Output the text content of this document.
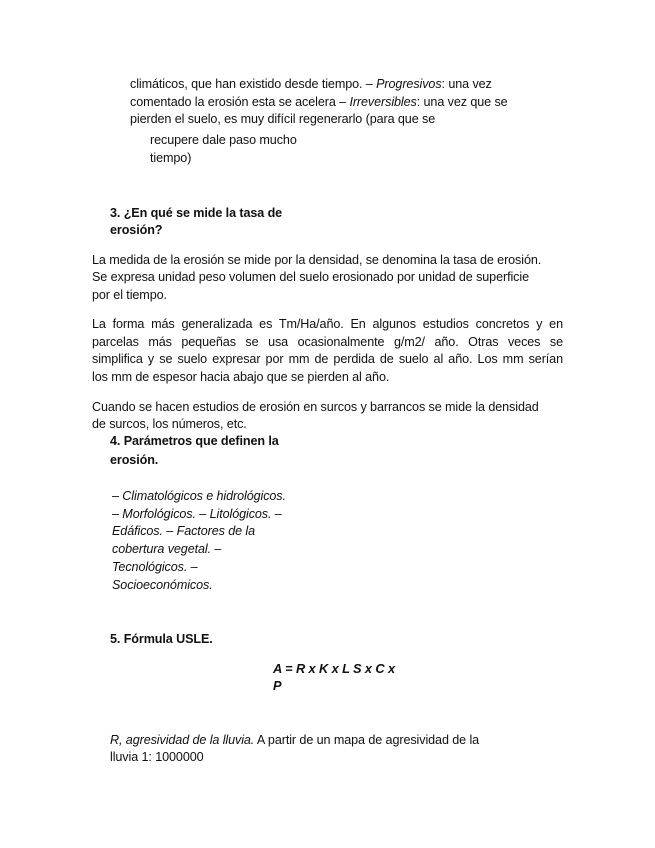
climáticos, que han existido desde tiempo. – Progresivos: una vez
comentado la erosión esta se acelera – Irreversibles: una vez que se
pierden el suelo, es muy difícil regenerarlo (para que se
recupere dale paso mucho
tiempo)
3. ¿En qué se mide la tasa de
erosión?
La medida de la erosión se mide por la densidad, se denomina la tasa de erosión.
Se expresa unidad peso volumen del suelo erosionado por unidad de superficie
por el tiempo.
La forma más generalizada es Tm/Ha/año. En algunos estudios concretos y en
parcelas más pequeñas se usa ocasionalmente g/m2/ año. Otras veces se
simplifica y se suelo expresar por mm de perdida de suelo al año. Los mm serían
los mm de espesor hacia abajo que se pierden al año.
Cuando se hacen estudios de erosión en surcos y barrancos se mide la densidad
de surcos, los números, etc.
4. Parámetros que definen la
erosión.
– Climatológicos e hidrológicos.
– Morfológicos. – Litológicos. –
Edáficos. – Factores de la
cobertura vegetal. –
Tecnológicos. –
Socioeconómicos.
5. Fórmula USLE.
A = R x K x L S x C x
P
R, agresividad de la lluvia. A partir de un mapa de agresividad de la
lluvia 1: 1000000
